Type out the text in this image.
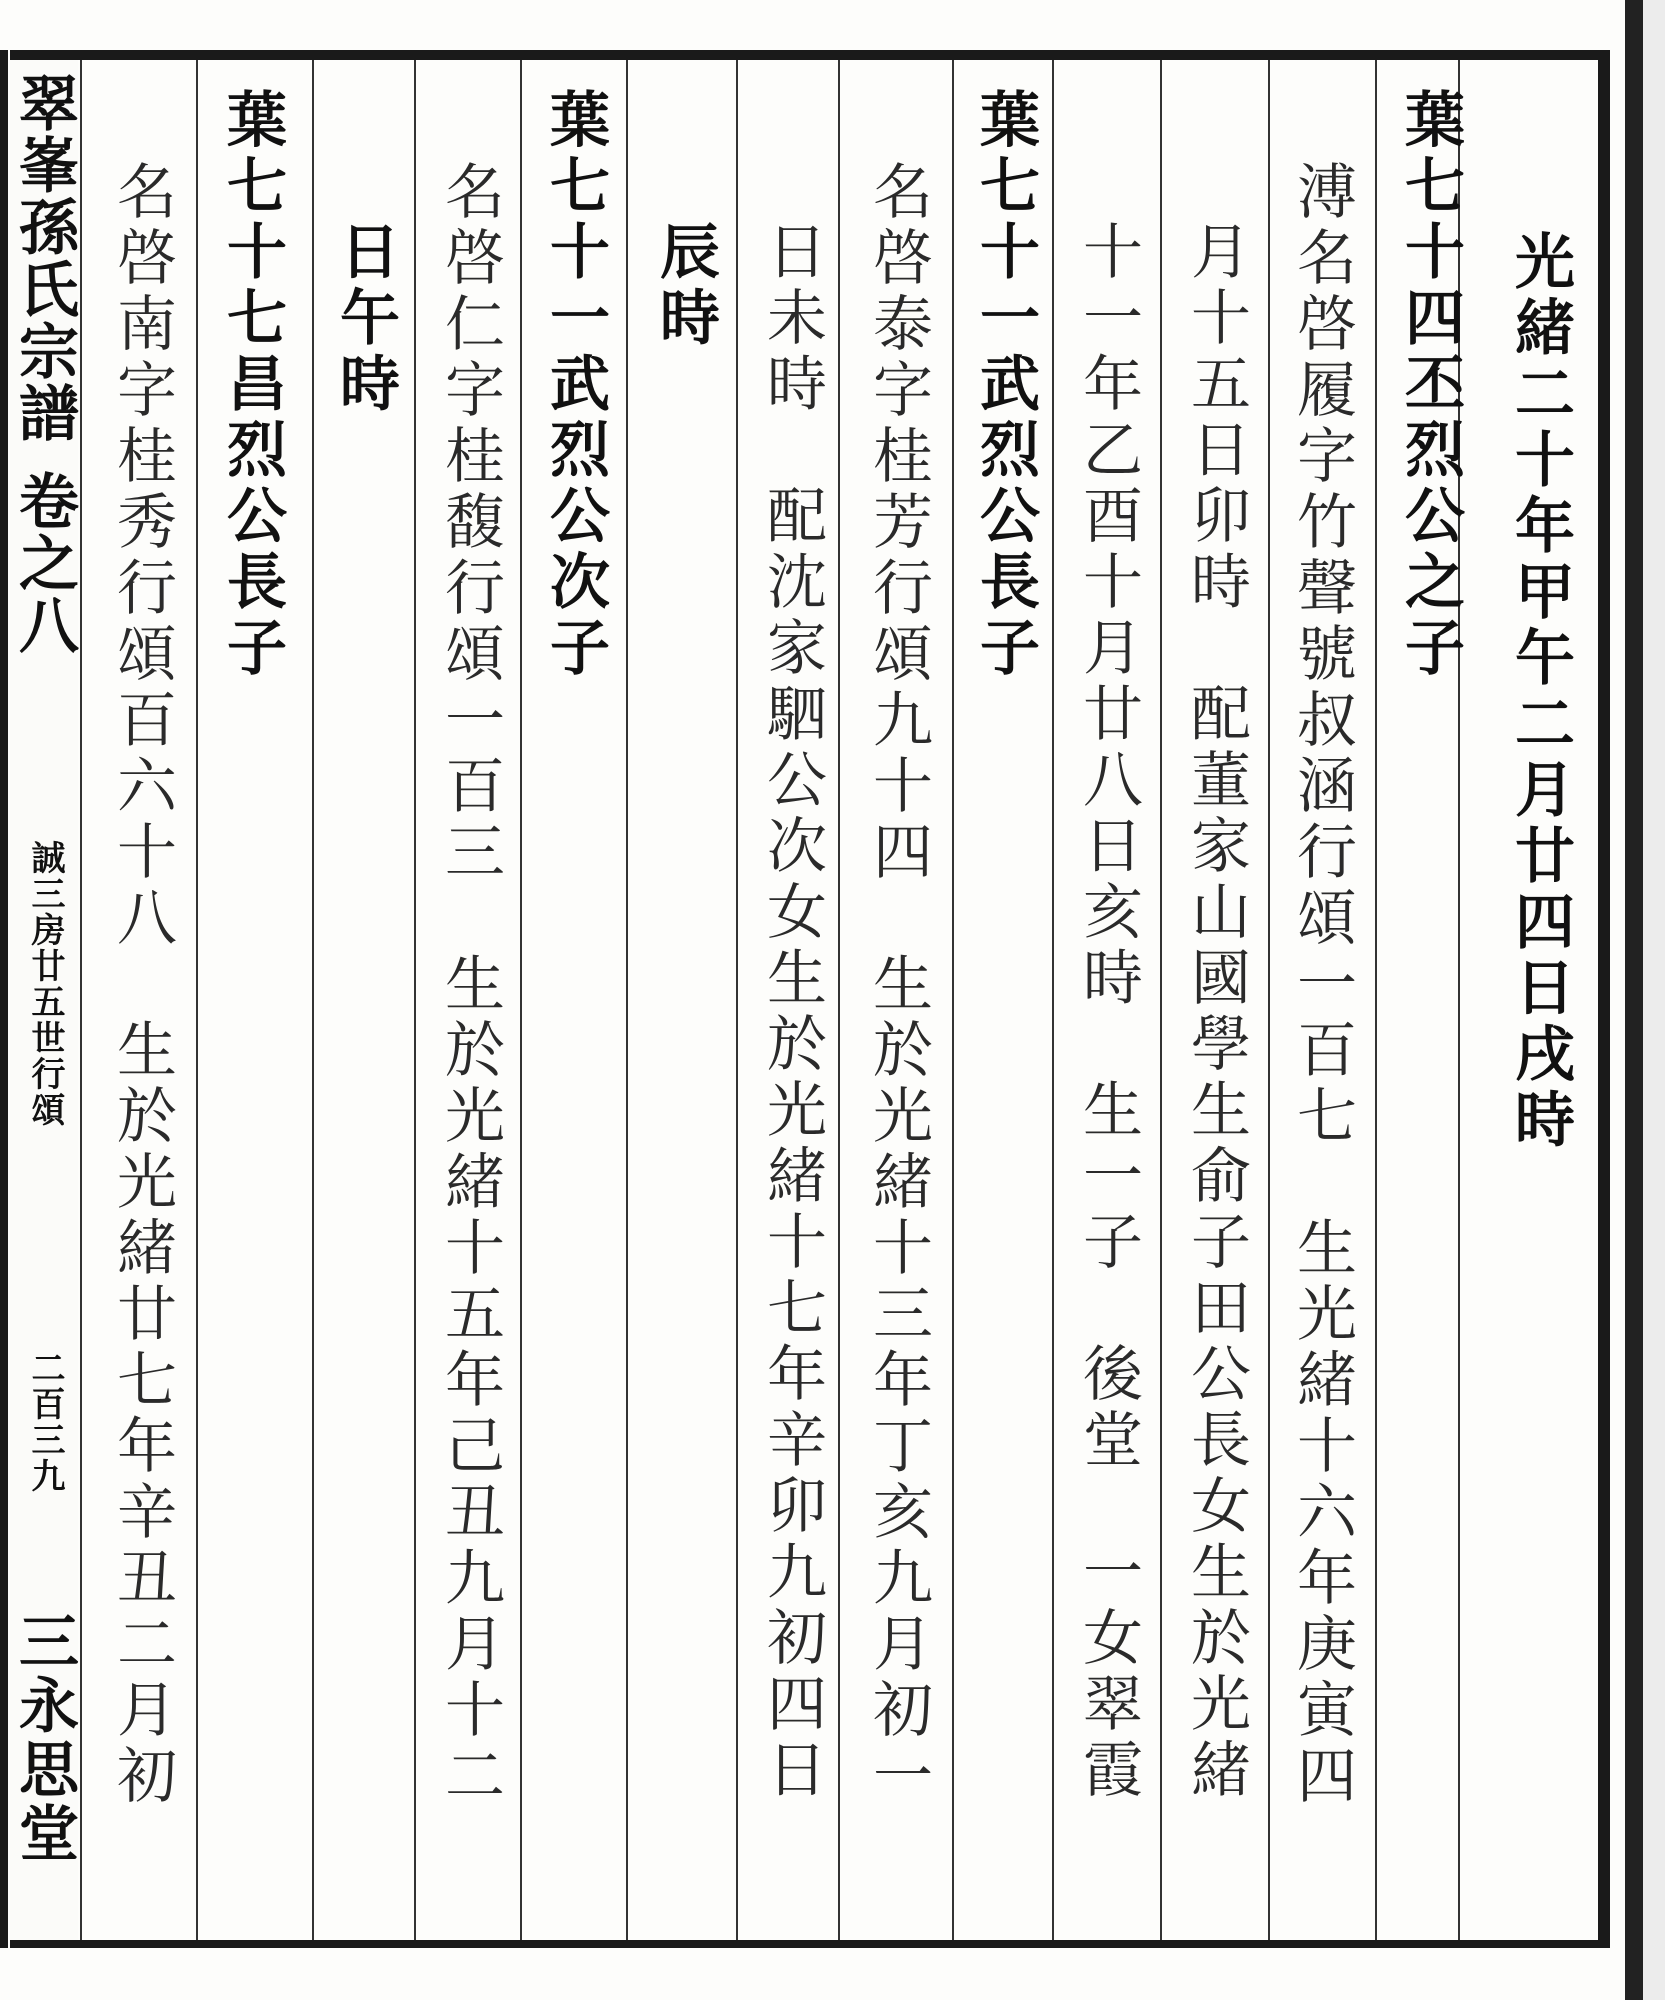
翠峯孫氏宗譜
卷之八
誠三房廿五世行頌
二百三九
三永思堂
光緒二十年甲午二月廿四日戌時
葉七十四丕烈公之子
溥名啓履字竹聲號叔涵行頌一百七　生光緒十六年庚寅四
月十五日卯時　配董家山國學生俞子田公長女生於光緒
十一年乙酉十月廿八日亥時　生一子　後堂　一女翠霞
葉七十一武烈公長子
名啓泰字桂芳行頌九十四　生於光緒十三年丁亥九月初一
日未時　配沈家駟公次女生於光緒十七年辛卯九初四日
辰時
葉七十一武烈公次子
名啓仁字桂馥行頌一百三　生於光緒十五年己丑九月十二
日午時
葉七十七昌烈公長子
名啓南字桂秀行頌百六十八　生於光緒廿七年辛丑二月初
